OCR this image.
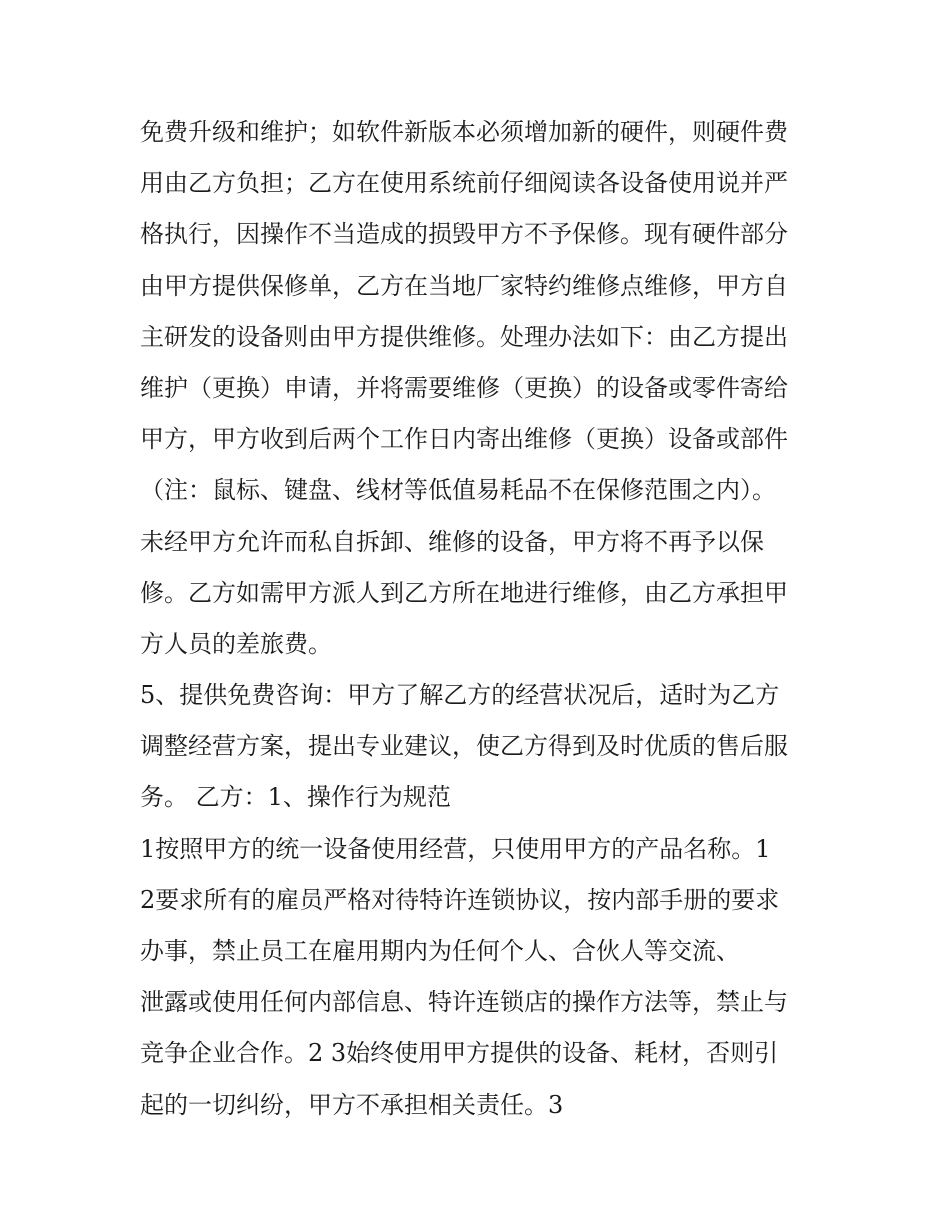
免费升级和维护；如软件新版本必须增加新的硬件，则硬件费
用由乙方负担；乙方在使用系统前仔细阅读各设备使用说并严
格执行，因操作不当造成的损毁甲方不予保修。现有硬件部分
由甲方提供保修单，乙方在当地厂家特约维修点维修，甲方自
主研发的设备则由甲方提供维修。处理办法如下：由乙方提出
维护（更换）申请，并将需要维修（更换）的设备或零件寄给
甲方，甲方收到后两个工作日内寄出维修（更换）设备或部件
（注：鼠标、键盘、线材等低值易耗品不在保修范围之内）。
未经甲方允许而私自拆卸、维修的设备，甲方将不再予以保
修。乙方如需甲方派人到乙方所在地进行维修，由乙方承担甲
方人员的差旅费。
5、提供免费咨询：甲方了解乙方的经营状况后，适时为乙方
调整经营方案，提出专业建议，使乙方得到及时优质的售后服
务。 乙方：1、操作行为规范
1按照甲方的统一设备使用经营，只使用甲方的产品名称。1
2要求所有的雇员严格对待特许连锁协议，按内部手册的要求
办事，禁止员工在雇用期内为任何个人、合伙人等交流、
泄露或使用任何内部信息、特许连锁店的操作方法等，禁止与
竞争企业合作。2 3始终使用甲方提供的设备、耗材，否则引
起的一切纠纷，甲方不承担相关责任。3
